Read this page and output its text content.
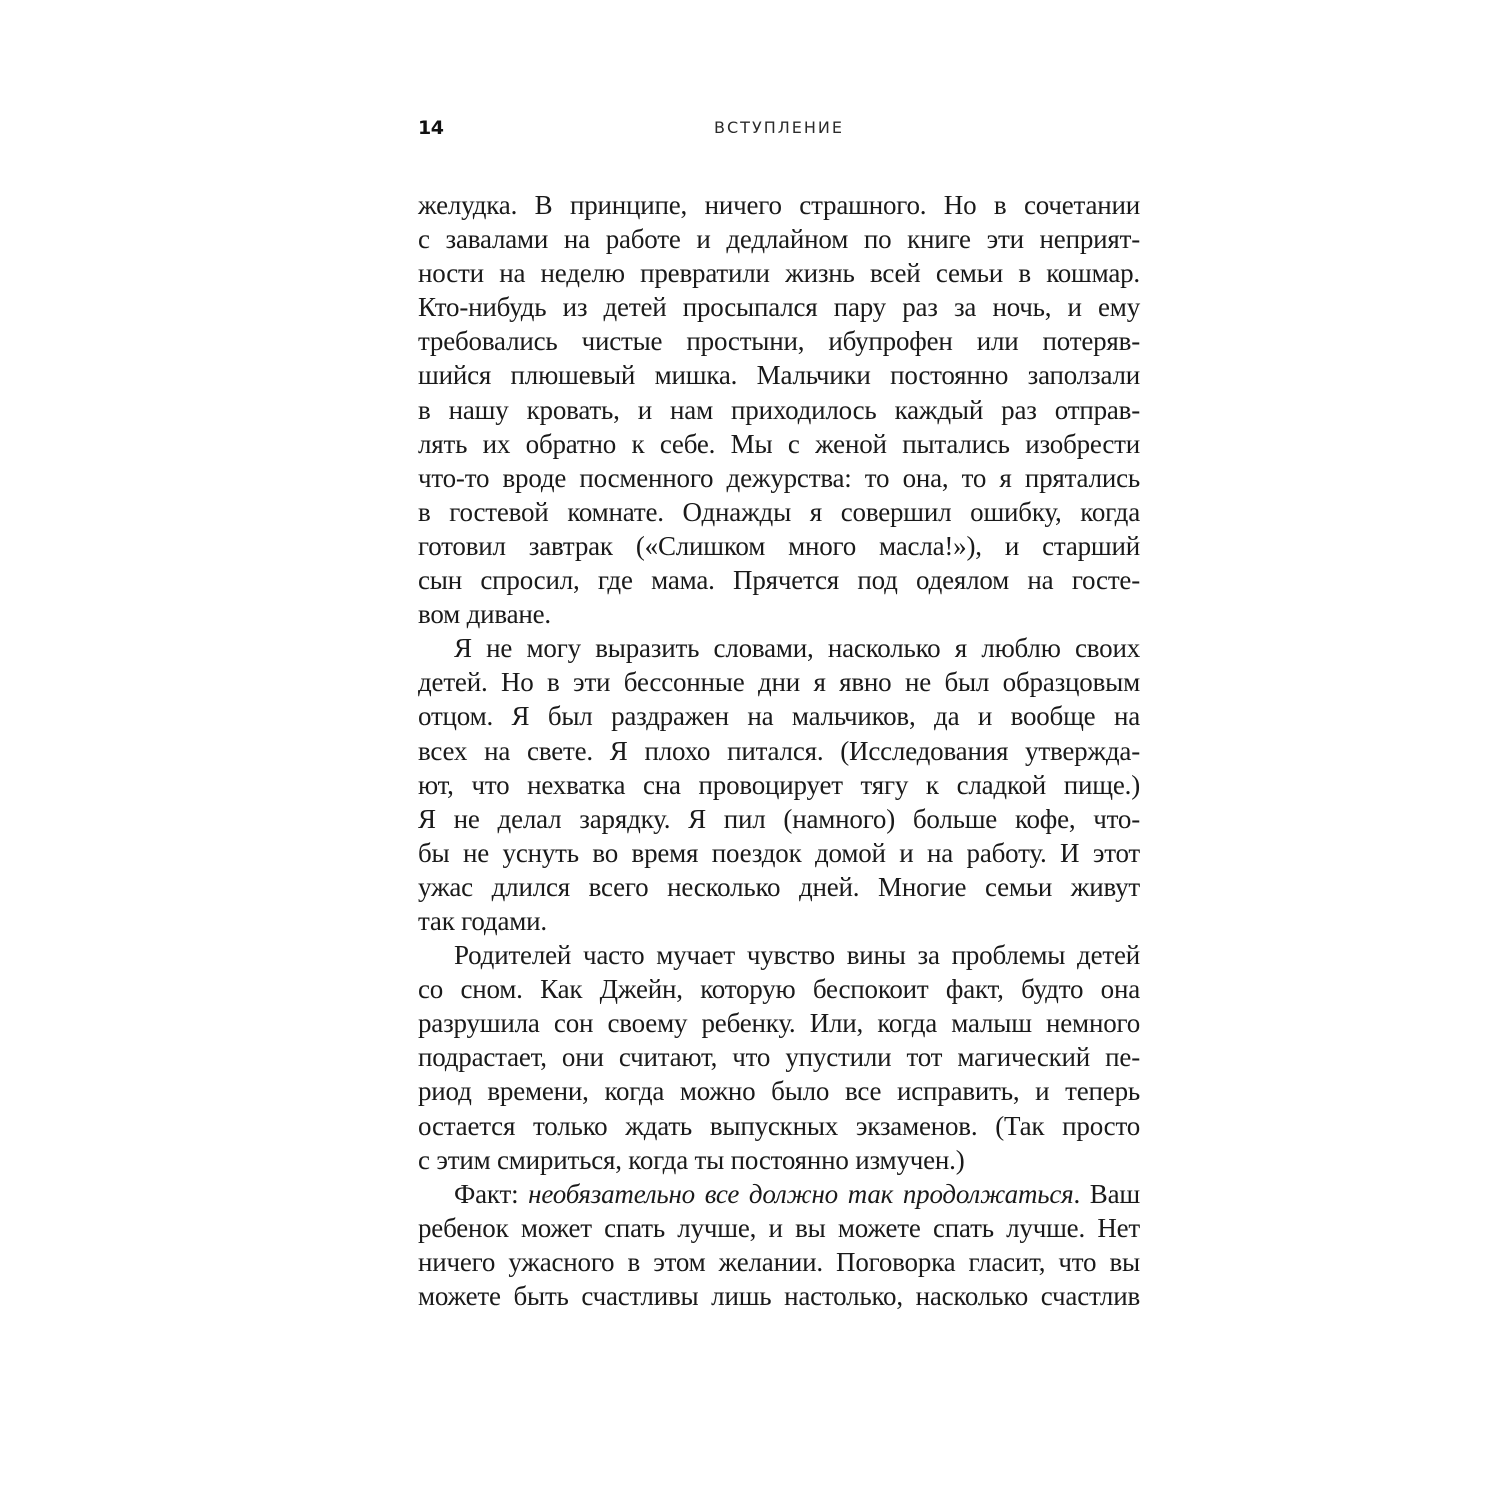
14	ВСТУПЛЕНИЕ
желудка. В принципе, ничего страшного. Но в сочетании
с завалами на работе и дедлайном по книге эти неприят-
ности на неделю превратили жизнь всей семьи в кошмар.
Кто-нибудь из детей просыпался пару раз за ночь, и ему
требовались чистые простыни, ибупрофен или потеряв-
шийся плюшевый мишка. Мальчики постоянно заползали
в нашу кровать, и нам приходилось каждый раз отправ-
лять их обратно к себе. Мы с женой пытались изобрести
что-то вроде посменного дежурства: то она, то я прятались
в гостевой комнате. Однажды я совершил ошибку, когда
готовил завтрак («Слишком много масла!»), и старший
сын спросил, где мама. Прячется под одеялом на госте-
вом диване.
Я не могу выразить словами, насколько я люблю своих
детей. Но в эти бессонные дни я явно не был образцовым
отцом. Я был раздражен на мальчиков, да и вообще на
всех на свете. Я плохо питался. (Исследования утвержда-
ют, что нехватка сна провоцирует тягу к сладкой пище.)
Я не делал зарядку. Я пил (намного) больше кофе, что-
бы не уснуть во время поездок домой и на работу. И этот
ужас длился всего несколько дней. Многие семьи живут
так годами.
Родителей часто мучает чувство вины за проблемы детей
со сном. Как Джейн, которую беспокоит факт, будто она
разрушила сон своему ребенку. Или, когда малыш немного
подрастает, они считают, что упустили тот магический пе-
риод времени, когда можно было все исправить, и теперь
остается только ждать выпускных экзаменов. (Так просто
с этим смириться, когда ты постоянно измучен.)
Факт: необязательно все должно так продолжаться. Ваш
ребенок может спать лучше, и вы можете спать лучше. Нет
ничего ужасного в этом желании. Поговорка гласит, что вы
можете быть счастливы лишь настолько, насколько счастлив
